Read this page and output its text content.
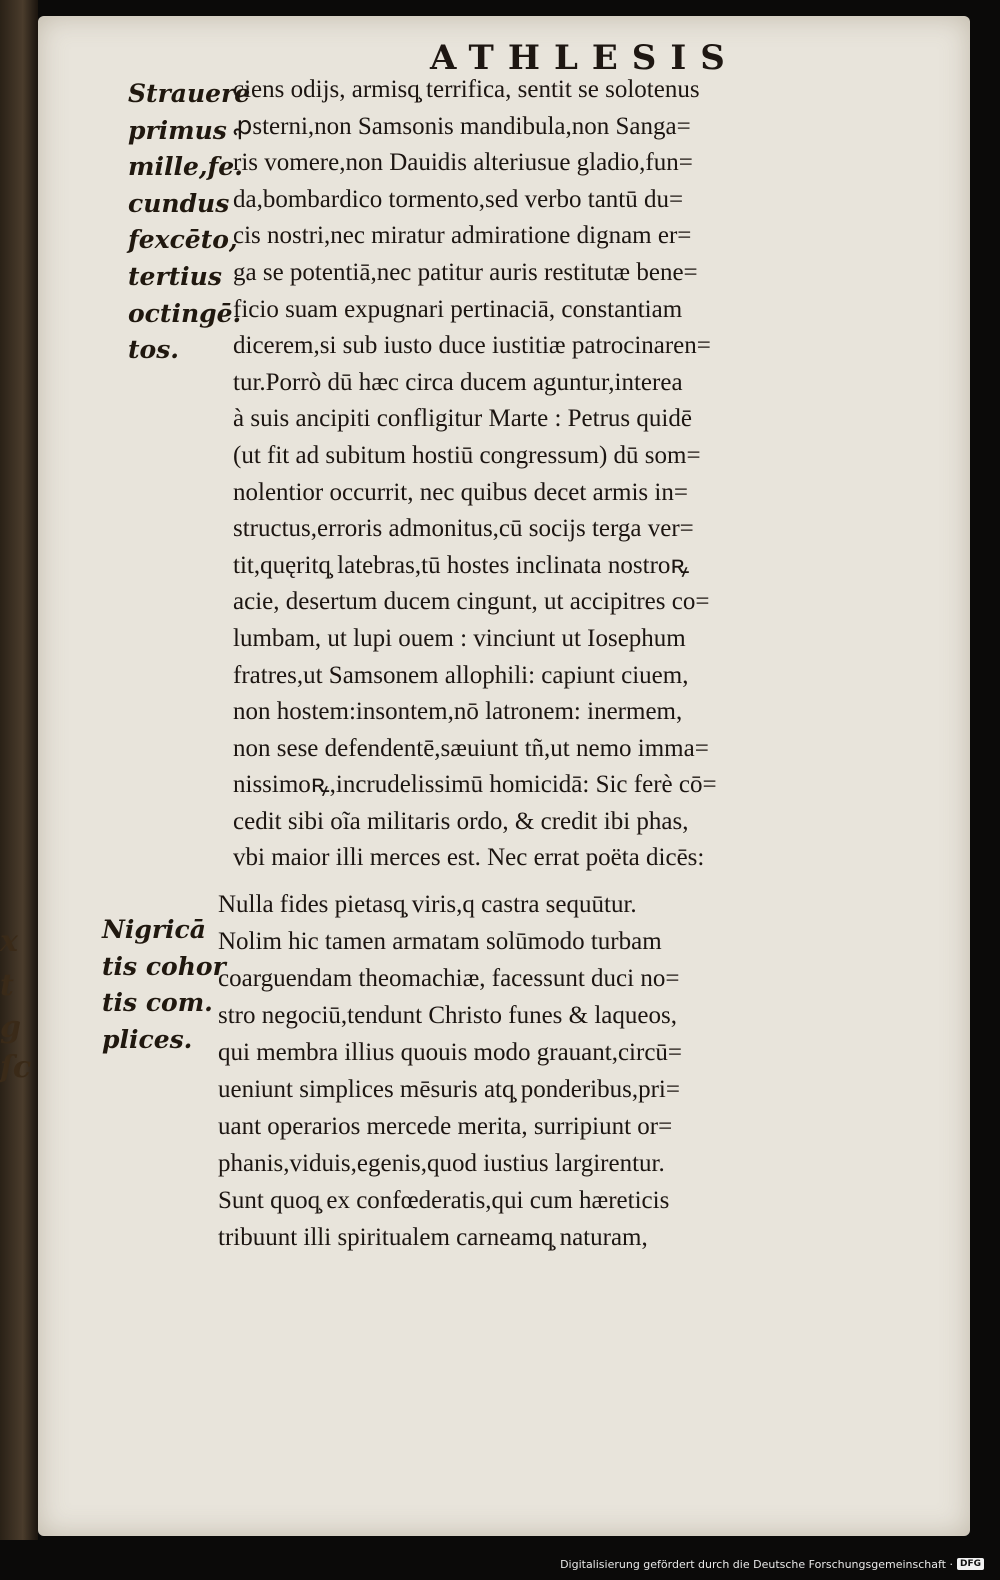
x
t
g
ſc
ATHLESIS
Strauere
primus
mille,fe.
cundus
fexcēto,
tertius
octingē.
tos.
Nigricā
tis cohor
tis com.
plices.
ciens odijs, armisq̧ terrifica, sentit se solotenus
ꝓsterni,non Samsonis mandibula,non Sanga=
ris vomere,non Dauidis alteriusue gladio,fun=
da,bombardico tormento,sed verbo tantū du=
cis nostri,nec miratur admiratione dignam er=
ga se potentiā,nec patitur auris restitutæ bene=
ficio suam expugnari pertinaciā, constantiam
dicerem,si sub iusto duce iustitiæ patrocinaren=
tur.Porrò dū hæc circa ducem aguntur,interea
à suis ancipiti confligitur Marte : Petrus quidē
(ut fit ad subitum hostiū congressum) dū som=
nolentior occurrit, nec quibus decet armis in=
structus,erroris admonitus,cū socijs terga ver=
tit,quęritq̧ latebras,tū hostes inclinata nostroꝶ
acie, desertum ducem cingunt, ut accipitres co=
lumbam, ut lupi ouem : vinciunt ut Iosephum
fratres,ut Samsonem allophili: capiunt ciuem,
non hostem:insontem,nō latronem: inermem,
non sese defendentē,sæuiunt tñ,ut nemo imma=
nissimoꝶ,incrudelissimū homicidā: Sic ferè cō=
cedit sibi oĩa militaris ordo, & credit ibi phas,
vbi maior illi merces est. Nec errat poëta dicēs:
Nulla fides pietasq̧ viris,q castra sequūtur.
Nolim hic tamen armatam solūmodo turbam
coarguendam theomachiæ, facessunt duci no=
stro negociū,tendunt Christo funes & laqueos,
qui membra illius quouis modo grauant,circū=
ueniunt simplices mēsuris atq̧ ponderibus,pri=
uant operarios mercede merita, surripiunt or=
phanis,viduis,egenis,quod iustius largirentur.
Sunt quoq̧ ex confœderatis,qui cum hæreticis
tribuunt illi spiritualem carneamq̧ naturam,
Digitalisierung gefördert durch die Deutsche Forschungsgemeinschaft · DFG
